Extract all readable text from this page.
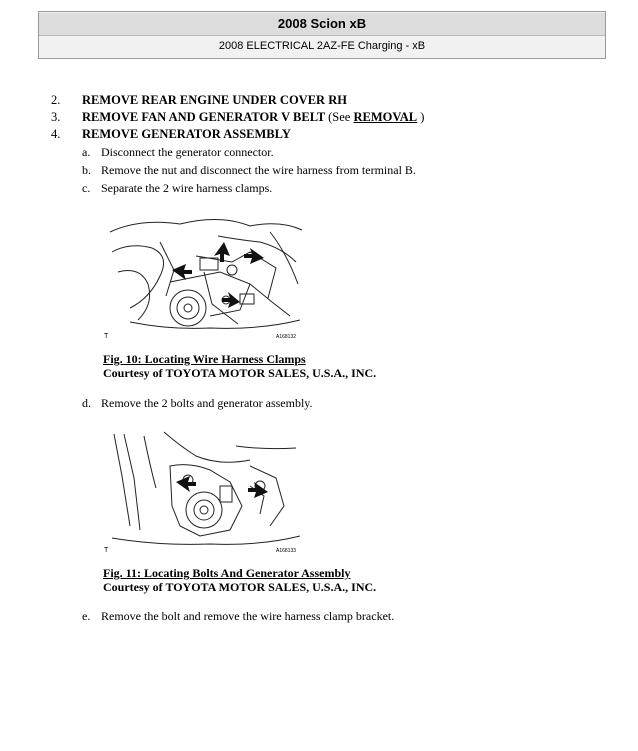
2008 Scion xB
2008 ELECTRICAL 2AZ-FE Charging - xB
2. REMOVE REAR ENGINE UNDER COVER RH
3. REMOVE FAN AND GENERATOR V BELT (See REMOVAL )
4. REMOVE GENERATOR ASSEMBLY
a. Disconnect the generator connector.
b. Remove the nut and disconnect the wire harness from terminal B.
c. Separate the 2 wire harness clamps.
T	A168132
Fig. 10: Locating Wire Harness Clamps
Courtesy of TOYOTA MOTOR SALES, U.S.A., INC.
d. Remove the 2 bolts and generator assembly.
T	A168133
Fig. 11: Locating Bolts And Generator Assembly
Courtesy of TOYOTA MOTOR SALES, U.S.A., INC.
e. Remove the bolt and remove the wire harness clamp bracket.
